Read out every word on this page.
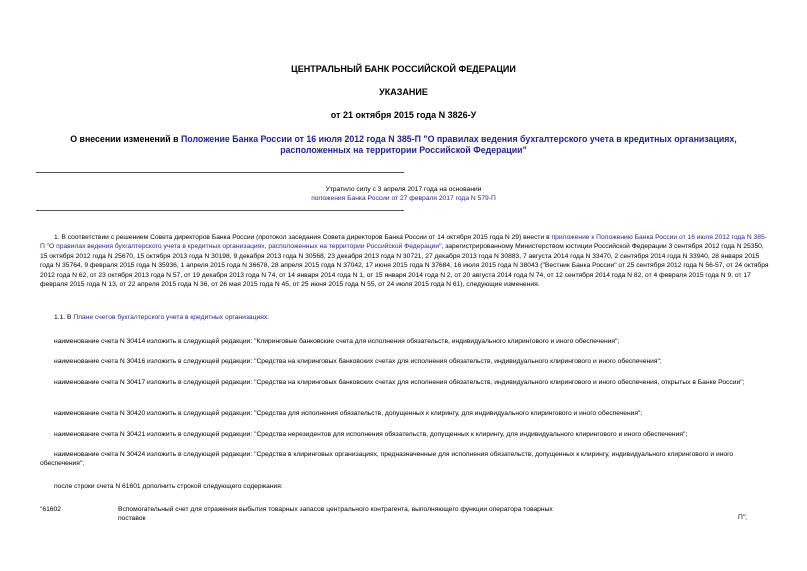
ЦЕНТРАЛЬНЫЙ БАНК РОССИЙСКОЙ ФЕДЕРАЦИИ
УКАЗАНИЕ
от 21 октября 2015 года N 3826-У
О внесении изменений в Положение Банка России от 16 июля 2012 года N 385-П "О правилах ведения бухгалтерского учета в кредитных организациях, расположенных на территории Российской Федерации"
Утратило силу с 3 апреля 2017 года на основании
положения Банка России от 27 февраля 2017 года N 579-П
1. В соответствии с решением Совета директоров Банка России (протокол заседания Совета директоров Банка России от 14 октября 2015 года N 29) внести в приложение к Положению Банка России от 16 июля 2012 года N 385-П "О правилах ведения бухгалтерского учета в кредитных организациях, расположенных на территории Российской Федерации", зарегистрированному Министерством юстиции Российской Федерации 3 сентября 2012 года N 25350, 15 октября 2012 года N 25670, 15 октября 2013 года N 30198, 9 декабря 2013 года N 30568, 23 декабря 2013 года N 30721, 27 декабря 2013 года N 30883, 7 августа 2014 года N 33470, 2 сентября 2014 года N 33940, 28 января 2015 года N 35764, 9 февраля 2015 года N 35936, 1 апреля 2015 года N 36678, 28 апреля 2015 года N 37042, 17 июня 2015 года N 37684, 16 июля 2015 года N 38043 ("Вестник Банка России" от 25 сентября 2012 года N 56-57, от 24 октября 2012 года N 62, от 23 октября 2013 года N 57, от 19 декабря 2013 года N 74, от 14 января 2014 года N 1, от 15 января 2014 года N 2, от 20 августа 2014 года N 74, от 12 сентября 2014 года N 82, от 4 февраля 2015 года N 9, от 17 февраля 2015 года N 13, от 22 апреля 2015 года N 36, от 26 мая 2015 года N 45, от 25 июня 2015 года N 55, от 24 июля 2015 года N 61), следующие изменения.
1.1. В Плане счетов бухгалтерского учета в кредитных организациях:
наименование счета N 30414 изложить в следующей редакции: "Клиринговые банковские счета для исполнения обязательств, индивидуального клирингового и иного обеспечения";
наименование счета N 30416 изложить в следующей редакции: "Средства на клиринговых банковских счетах для исполнения обязательств, индивидуального клирингового и иного обеспечения";
наименование счета N 30417 изложить в следующей редакции: "Средства на клиринговых банковских счетах для исполнения обязательств, индивидуального клирингового и иного обеспечения, открытых в Банке России";
наименование счета N 30420 изложить в следующей редакции: "Средства для исполнения обязательств, допущенных к клирингу, для индивидуального клирингового и иного обеспечения";
наименование счета N 30421 изложить в следующей редакции: "Средства нерезидентов для исполнения обязательств, допущенных к клирингу, для индивидуального клирингового и иного обеспечения";
наименование счета N 30424 изложить в следующей редакции: "Средства в клиринговых организациях, предназначенные для исполнения обязательств, допущенных к клирингу, индивидуального клирингового и иного обеспечения";
после строки счета N 61601 дополнить строкой следующего содержания:
"61602	Вспомогательный счет для отражения выбытия товарных запасов центрального контрагента, выполняющего функции оператора товарных поставок	П";
